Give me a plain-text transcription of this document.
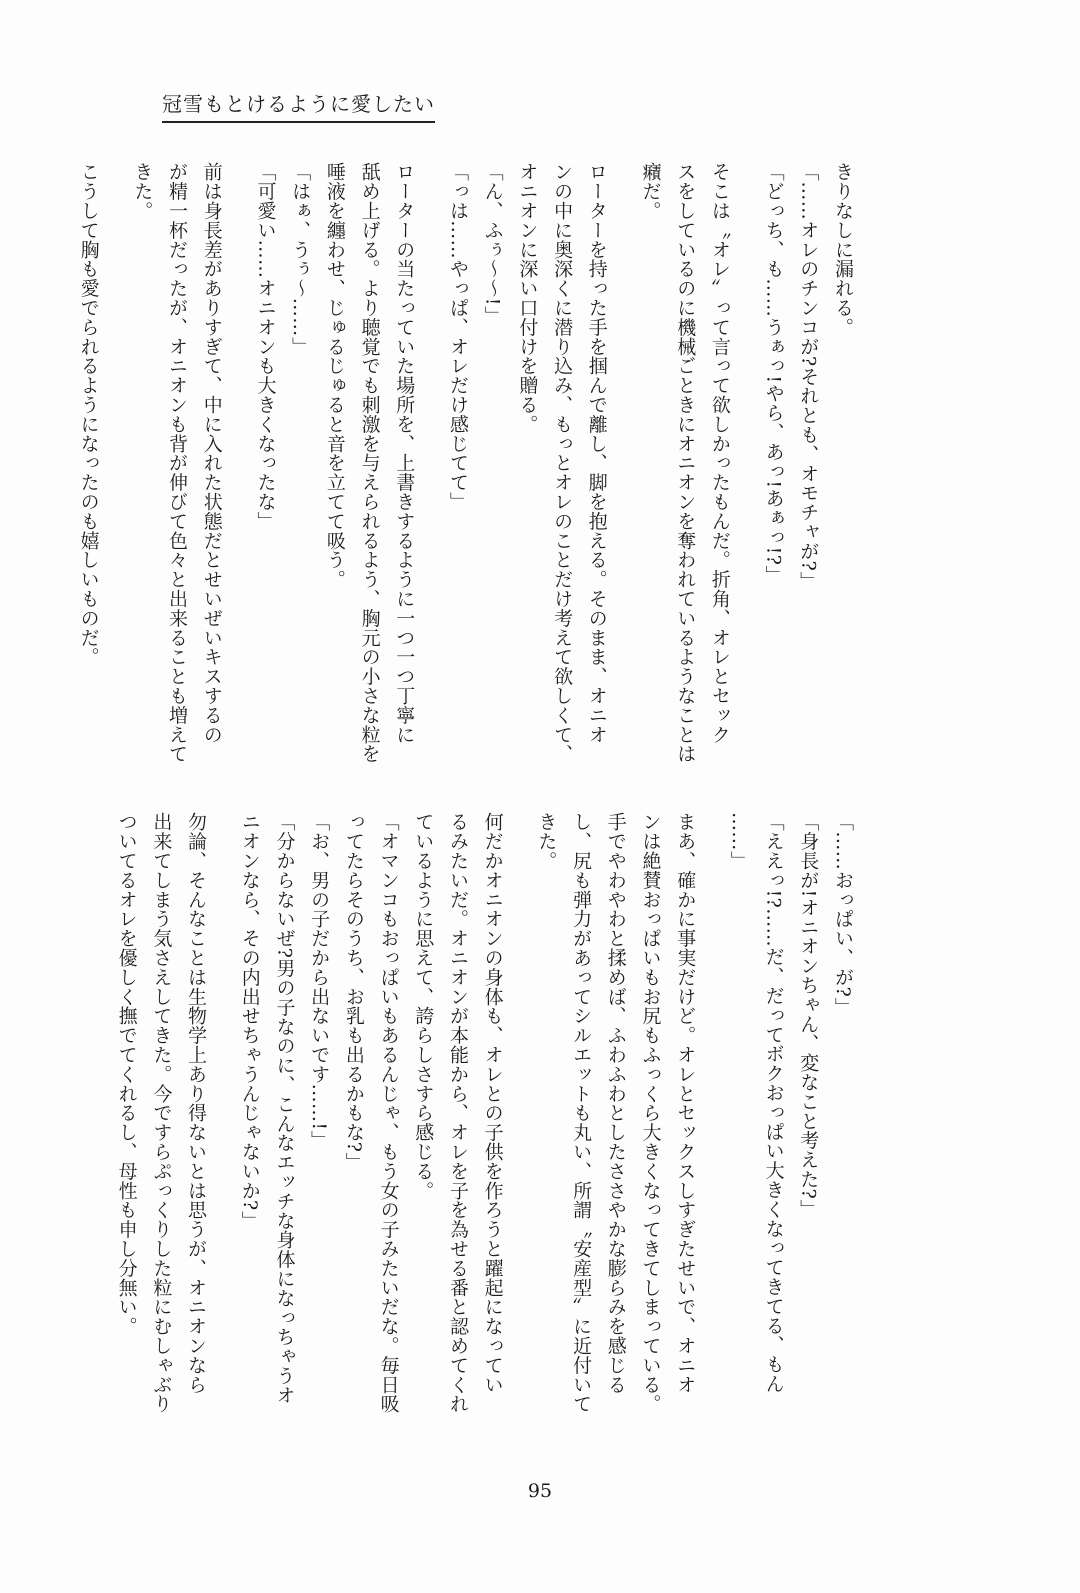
冠雪もとけるように愛したい
きりなしに漏れる。
「……オレのチンコが?それとも、オモチャが?」
「どっち、も……うぁっ!やら、あっ!あぁっ!?」
そこは〝オレ〟って言って欲しかったもんだ。折角、オレとセック
スをしているのに機械ごときにオニオンを奪われているようなことは
癪だ。
ローターを持った手を掴んで離し、脚を抱える。そのまま、オニオ
ンの中に奥深くに潜り込み、もっとオレのことだけ考えて欲しくて、
オニオンに深い口付けを贈る。
「ん、ふぅ〜〜!」
「っは……やっぱ、オレだけ感じてて」
ローターの当たっていた場所を、上書きするように一つ一つ丁寧に
舐め上げる。より聴覚でも刺激を与えられるよう、胸元の小さな粒を
唾液を纏わせ、じゅるじゅると音を立てて吸う。
「はぁ、うぅ〜……」
「可愛い……オニオンも大きくなったな」
前は身長差がありすぎて、中に入れた状態だとせいぜいキスするの
が精一杯だったが、オニオンも背が伸びて色々と出来ることも増えて
きた。
こうして胸も愛でられるようになったのも嬉しいものだ。
「……おっぱい、が?」
「身長が!オニオンちゃん、変なこと考えた?」
「ええっ!?……だ、だってボクおっぱい大きくなってきてる、もん
……」
まあ、確かに事実だけど。オレとセックスしすぎたせいで、オニオ
ンは絶賛おっぱいもお尻もふっくら大きくなってきてしまっている。
手でやわやわと揉めば、ふわふわとしたささやかな膨らみを感じる
し、尻も弾力があってシルエットも丸い、所謂〝安産型〟に近付いて
きた。
何だかオニオンの身体も、オレとの子供を作ろうと躍起になってい
るみたいだ。オニオンが本能から、オレを子を為せる番と認めてくれ
ているように思えて、誇らしさすら感じる。
「オマンコもおっぱいもあるんじゃ、もう女の子みたいだな。毎日吸
ってたらそのうち、お乳も出るかもな?」
「お、男の子だから出ないです……!」
「分からないぜ?男の子なのに、こんなエッチな身体になっちゃうオ
ニオンなら、その内出せちゃうんじゃないか?」
勿論、そんなことは生物学上あり得ないとは思うが、オニオンなら
出来てしまう気さえしてきた。今ですらぷっくりした粒にむしゃぶり
ついてるオレを優しく撫でてくれるし、母性も申し分無い。
95
